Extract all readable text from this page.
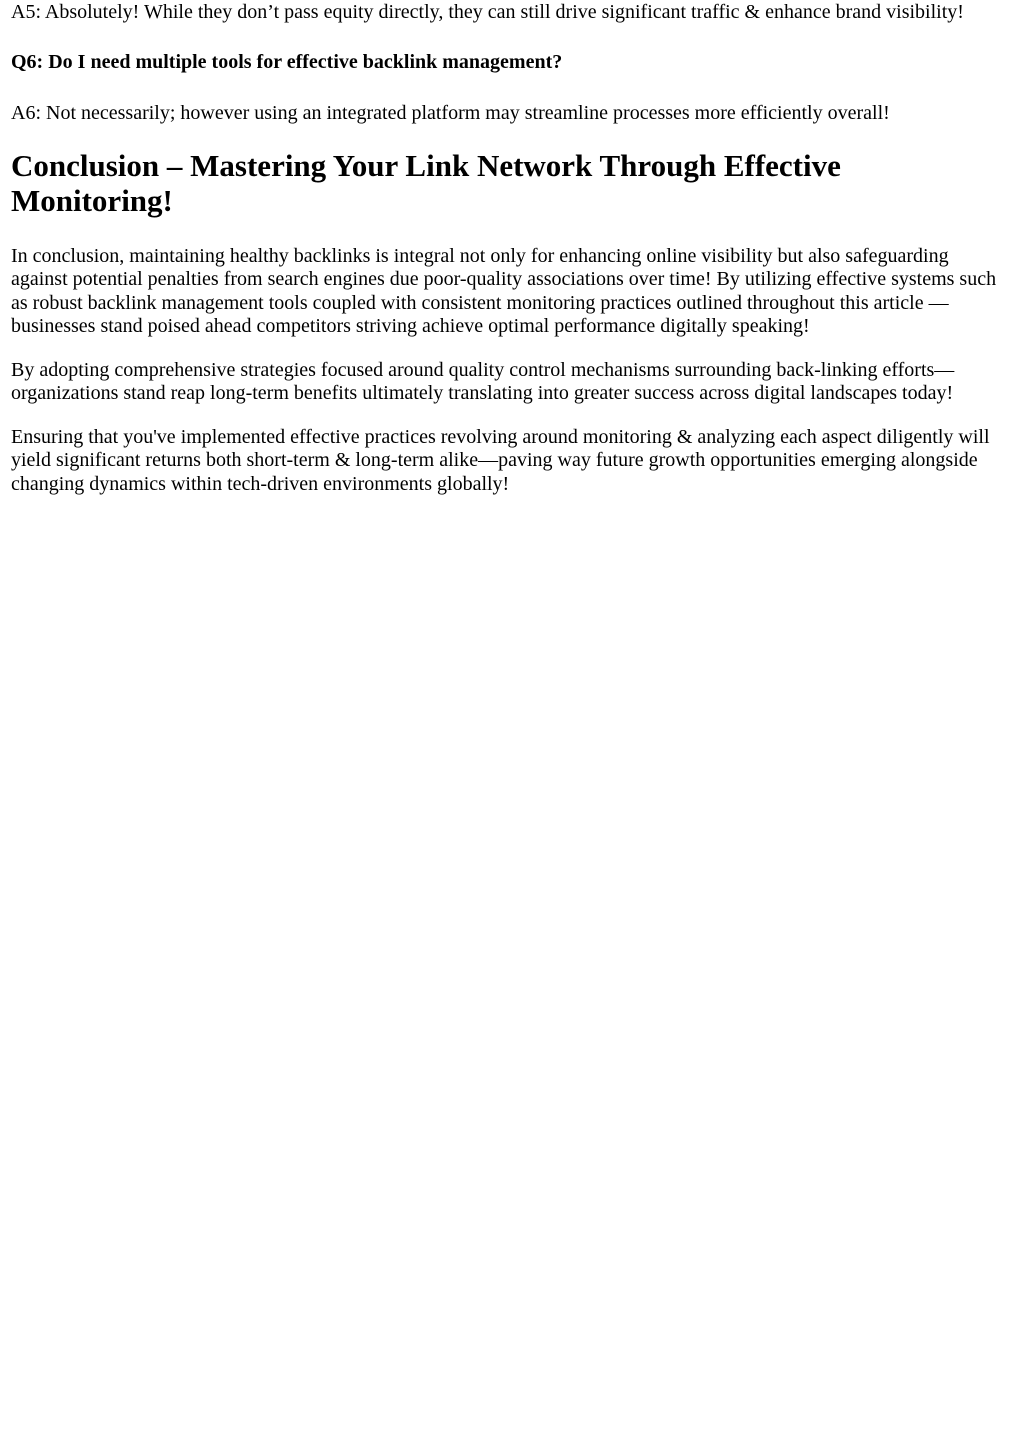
A5: Absolutely! While they don’t pass equity directly, they can still drive significant traffic & enhance brand visibility!

Q6: Do I need multiple tools for effective backlink management?

A6: Not necessarily; however using an integrated platform may streamline processes more efficiently overall!

Conclusion – Mastering Your Link Network Through Effective Monitoring!

In conclusion, maintaining healthy backlinks is integral not only for enhancing online visibility but also safeguarding against potential penalties from search engines due poor-quality associations over time! By utilizing effective systems such as robust backlink management tools coupled with consistent monitoring practices outlined throughout this article —businesses stand poised ahead competitors striving achieve optimal performance digitally speaking!

By adopting comprehensive strategies focused around quality control mechanisms surrounding back-linking efforts— organizations stand reap long-term benefits ultimately translating into greater success across digital landscapes today!

Ensuring that you've implemented effective practices revolving around monitoring & analyzing each aspect diligently will yield significant returns both short-term & long-term alike—paving way future growth opportunities emerging alongside changing dynamics within tech-driven environments globally!
